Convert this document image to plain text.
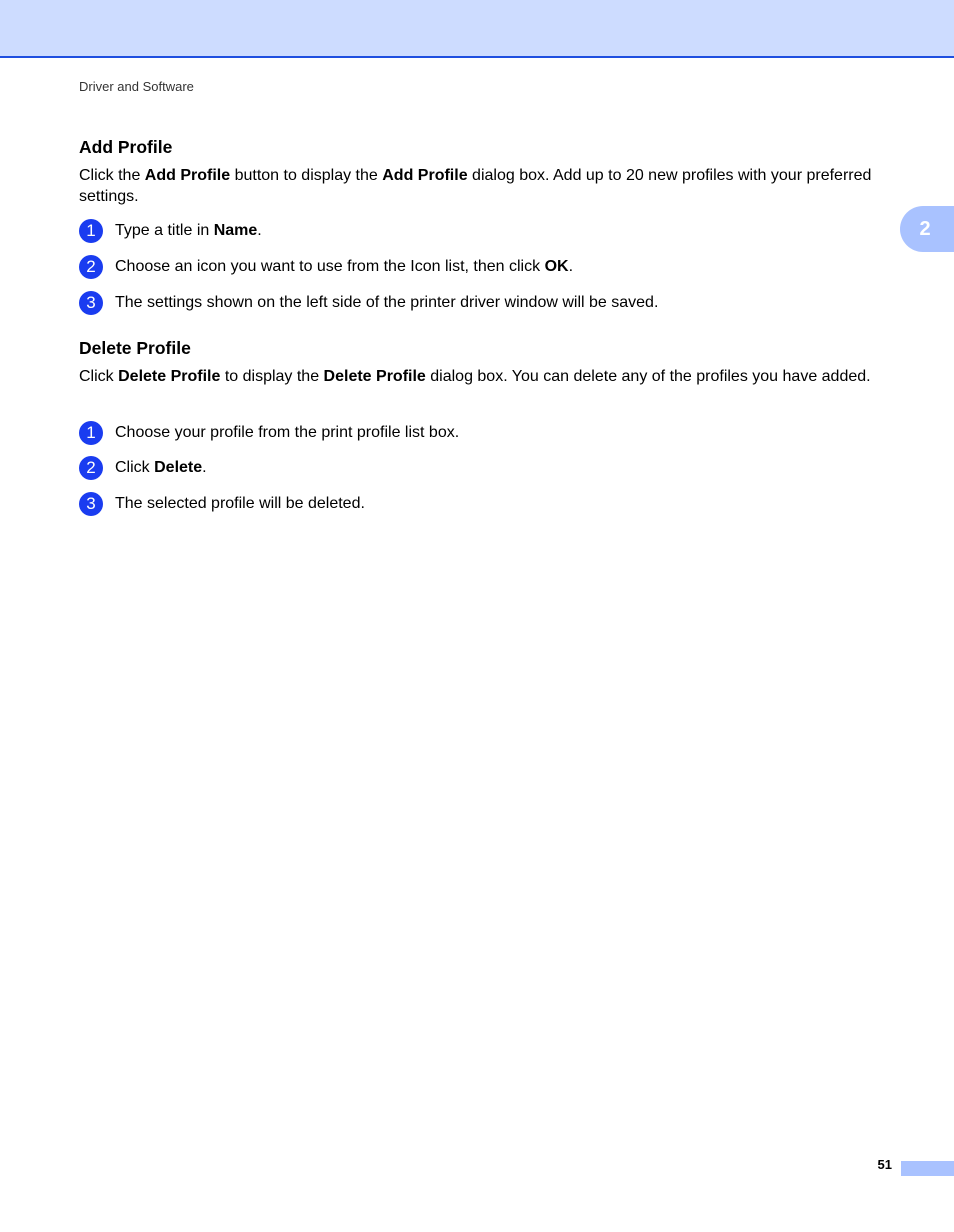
Driver and Software
2
Add Profile
Click the Add Profile button to display the Add Profile dialog box. Add up to 20 new profiles with your preferred settings.
1	Type a title in Name.
2	Choose an icon you want to use from the Icon list, then click OK.
3	The settings shown on the left side of the printer driver window will be saved.
Delete Profile
Click Delete Profile to display the Delete Profile dialog box. You can delete any of the profiles you have added.
1	Choose your profile from the print profile list box.
2	Click Delete.
3	The selected profile will be deleted.
51
